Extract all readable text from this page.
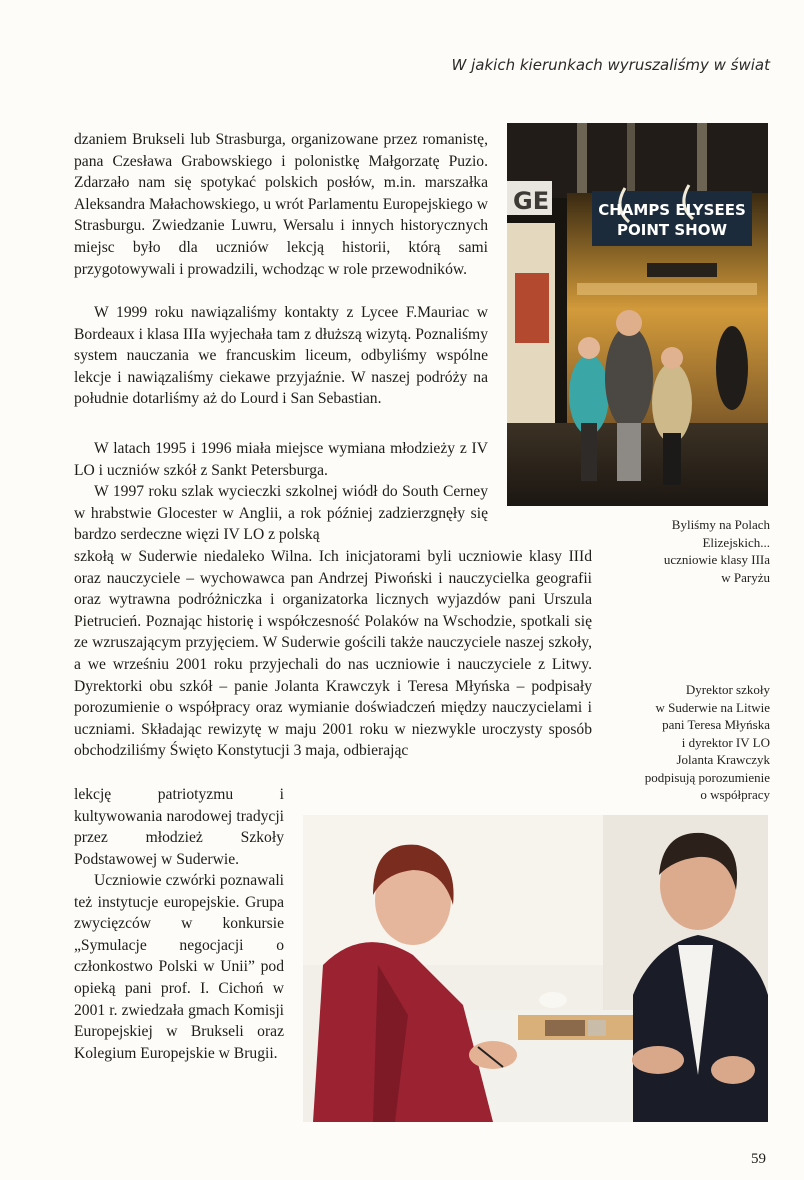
W jakich kierunkach wyruszaliśmy w świat

dzaniem Brukseli lub Strasburga, organizowane przez romanistę, pana Czesława Grabowskiego i polonistkę Małgorzatę Puzio. Zdarzało nam się spotykać polskich posłów, m.in. marszałka Aleksandra Małachowskiego, u wrót Parlamentu Europejskiego w Strasburgu. Zwiedzanie Luwru, Wersalu i innych historycznych miejsc było dla uczniów lekcją historii, którą sami przygotowywali i prowadzili, wchodząc w role przewodników.

W 1999 roku nawiązaliśmy kontakty z Lycee F.Mauriac w Bordeaux i klasa IIIa wyjechała tam z dłuższą wizytą. Poznaliśmy system nauczania we francuskim liceum, odbyliśmy wspólne lekcje i nawiązaliśmy ciekawe przyjaźnie. W naszej podróży na południe dotarliśmy aż do Lourd i San Sebastian.

W latach 1995 i 1996 miała miejsce wymiana młodzieży z IV LO i uczniów szkół z Sankt Petersburga.

W 1997 roku szlak wycieczki szkolnej wiódł do South Cerney w hrabstwie Glocester w Anglii, a rok później zadzierzgnęły się bardzo serdeczne więzi IV LO z polską

szkołą w Suderwie niedaleko Wilna. Ich inicjatorami byli uczniowie klasy IIId oraz nauczyciele – wychowawca pan Andrzej Piwoński i nauczycielka geografii oraz wytrawna podróżniczka i organizatorka licznych wyjazdów pani Urszula Pietrucień. Poznając historię i współczesność Polaków na Wschodzie, spotkali się ze wzruszającym przyjęciem. W Suderwie gościli także nauczyciele naszej szkoły, a we wrześniu 2001 roku przyjechali do nas uczniowie i nauczyciele z Litwy. Dyrektorki obu szkół – panie Jolanta Krawczyk i Teresa Młyńska – podpisały porozumienie o współpracy oraz wymianie doświadczeń między nauczycielami i uczniami. Składając rewizytę w maju 2001 roku w niezwykle uroczysty sposób obchodziliśmy Święto Konstytucji 3 maja, odbierając

lekcję patriotyzmu i kultywowania narodowej tradycji przez młodzież Szkoły Podstawowej w Suderwie.

Uczniowie czwórki poznawali też instytucje europejskie. Grupa zwycięzców w konkursie „Symulacje negocjacji o członkostwo Polski w Unii” pod opieką pani prof. I. Cichoń w 2001 r. zwiedzała gmach Komisji Europejskiej w Brukseli oraz Kolegium Europejskie w Brugii.

GE	CHAMPS ELYSEES
POINT SHOW
Byliśmy na Polach
Elizejskich...
uczniowie klasy IIIa
w Paryżu
Dyrektor szkoły
w Suderwie na Litwie
pani Teresa Młyńska
i dyrektor IV LO
Jolanta Krawczyk
podpisują porozumienie
o współpracy
59
